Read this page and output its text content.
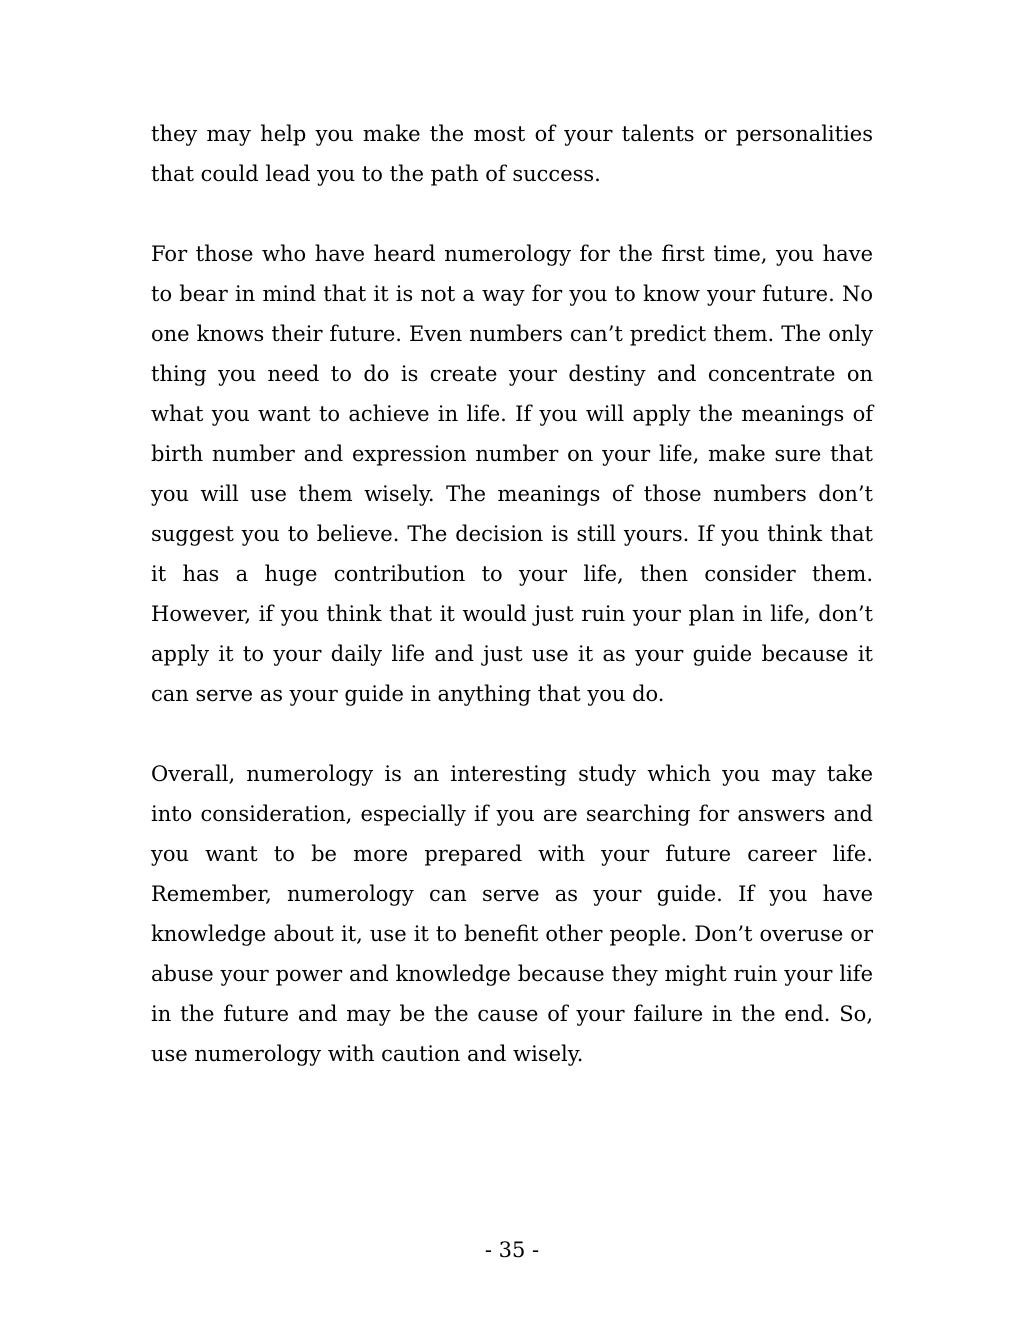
they may help you make the most of your talents or personalities that could lead you to the path of success.

For those who have heard numerology for the first time, you have to bear in mind that it is not a way for you to know your future. No one knows their future. Even numbers can’t predict them. The only thing you need to do is create your destiny and concentrate on what you want to achieve in life. If you will apply the meanings of birth number and expression number on your life, make sure that you will use them wisely. The meanings of those numbers don’t suggest you to believe. The decision is still yours. If you think that it has a huge contribution to your life, then consider them. However, if you think that it would just ruin your plan in life, don’t apply it to your daily life and just use it as your guide because it can serve as your guide in anything that you do.

Overall, numerology is an interesting study which you may take into consideration, especially if you are searching for answers and you want to be more prepared with your future career life. Remember, numerology can serve as your guide. If you have knowledge about it, use it to benefit other people. Don’t overuse or abuse your power and knowledge because they might ruin your life in the future and may be the cause of your failure in the end. So, use numerology with caution and wisely.

- 35 -
